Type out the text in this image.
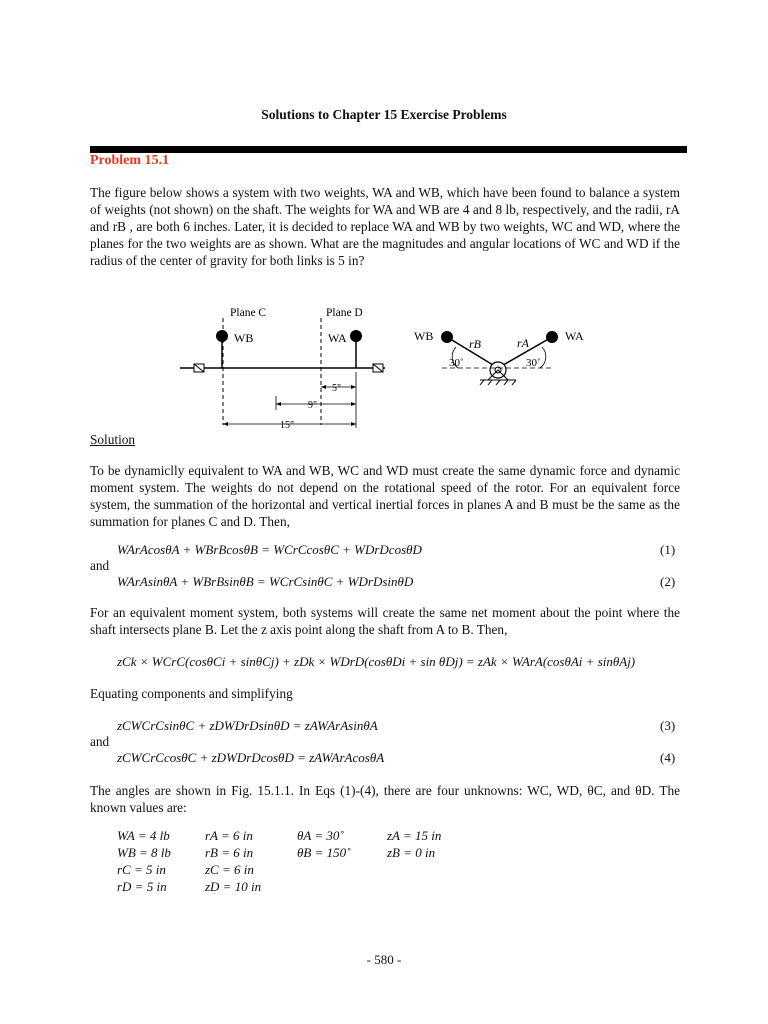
Solutions to Chapter 15 Exercise Problems
Problem 15.1
The figure below shows a system with two weights, WA and WB, which have been found to balance a system of weights (not shown) on the shaft. The weights for WA and WB are 4 and 8 lb, respectively, and the radii, rA and rB , are both 6 inches. Later, it is decided to replace WA and WB by two weights, WC and WD, where the planes for the two weights are as shown. What are the magnitudes and angular locations of WC and WD if the radius of the center of gravity for both links is 5 in?
Plane C	Plane D
WB	WA
5"
9"
15"
WB	WA
rB	rA
30˚	30˚
Solution
To be dynamiclly equivalent to WA and WB, WC and WD must create the same dynamic force and dynamic moment system. The weights do not depend on the rotational speed of the rotor. For an equivalent force system, the summation of the horizontal and vertical inertial forces in planes A and B must be the same as the summation for planes C and D. Then,
WArAcosθA + WBrBcosθB = WCrCcosθC + WDrDcosθD	(1)
and
WArAsinθA + WBrBsinθB = WCrCsinθC + WDrDsinθD	(2)
For an equivalent moment system, both systems will create the same net moment about the point where the shaft intersects plane B. Let the z axis point along the shaft from A to B. Then,
zCk × WCrC(cosθCi + sinθCj) + zDk × WDrD(cosθDi + sin θDj) = zAk × WArA(cosθAi + sinθAj)
Equating components and simplifying
zCWCrCsinθC + zDWDrDsinθD = zAWArAsinθA	(3)
and
zCWCrCcosθC + zDWDrDcosθD = zAWArAcosθA	(4)
The angles are shown in Fig. 15.1.1. In Eqs (1)-(4), there are four unknowns: WC, WD, θC, and θD. The known values are:
WA = 4 lb	rA = 6 in	θA = 30˚	zA = 15 in
WB = 8 lb	rB = 6 in	θB = 150˚	zB = 0 in
rC = 5 in	zC = 6 in
rD = 5 in	zD = 10 in
- 580 -
